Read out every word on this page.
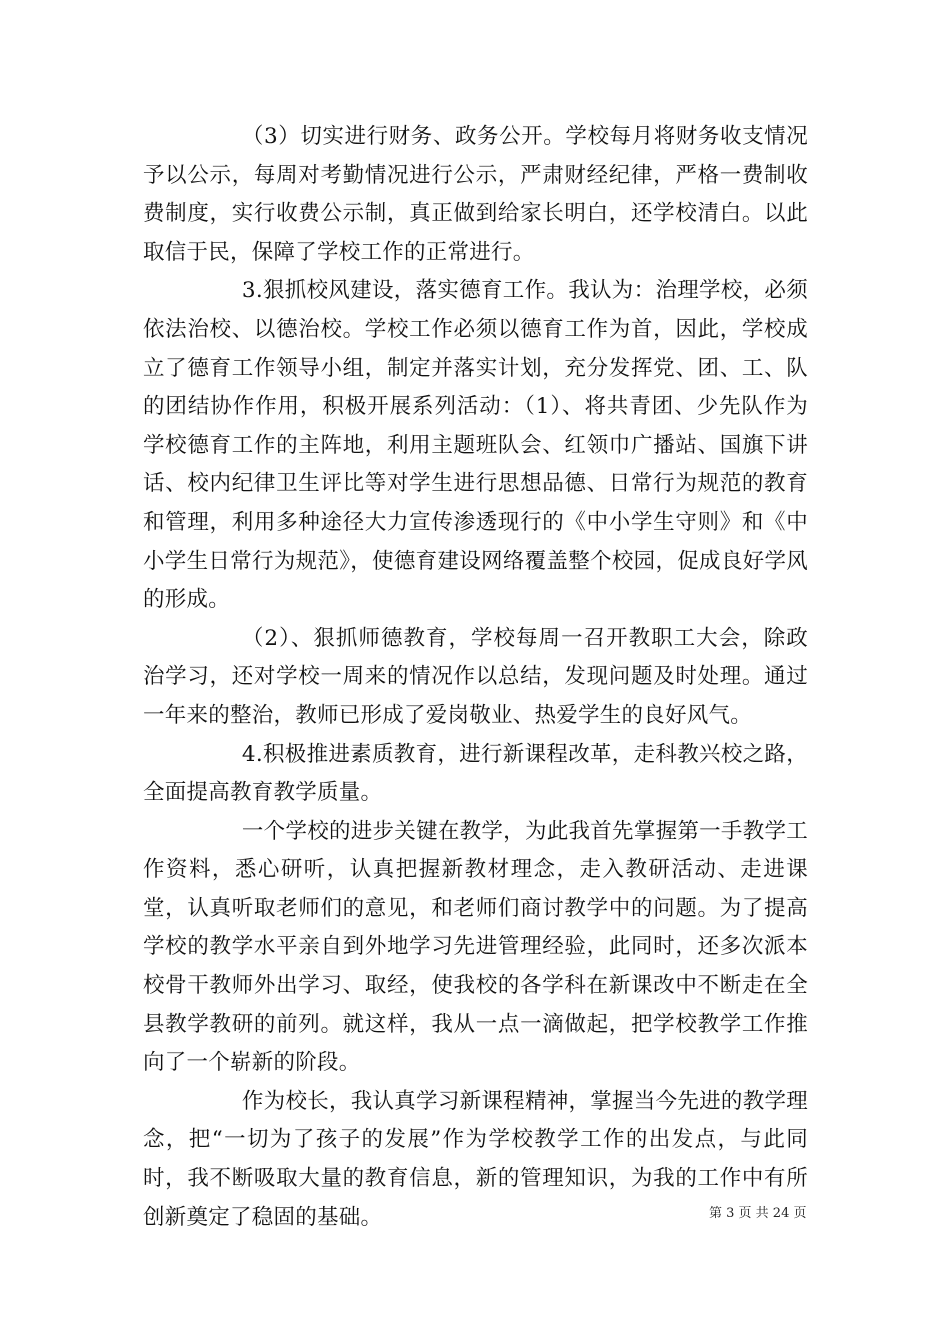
（3）切实进行财务、政务公开。学校每月将财务收支情况予以公示，每周对考勤情况进行公示，严肃财经纪律，严格一费制收费制度，实行收费公示制，真正做到给家长明白，还学校清白。以此取信于民，保障了学校工作的正常进行。

3.狠抓校风建设，落实德育工作。我认为：治理学校，必须依法治校、以德治校。学校工作必须以德育工作为首，因此，学校成立了德育工作领导小组，制定并落实计划，充分发挥党、团、工、队的团结协作作用，积极开展系列活动：（1）、将共青团、少先队作为学校德育工作的主阵地，利用主题班队会、红领巾广播站、国旗下讲话、校内纪律卫生评比等对学生进行思想品德、日常行为规范的教育和管理，利用多种途径大力宣传渗透现行的《中小学生守则》和《中小学生日常行为规范》，使德育建设网络覆盖整个校园，促成良好学风的形成。

（2）、狠抓师德教育，学校每周一召开教职工大会，除政治学习，还对学校一周来的情况作以总结，发现问题及时处理。通过一年来的整治，教师已形成了爱岗敬业、热爱学生的良好风气。

4.积极推进素质教育，进行新课程改革，走科教兴校之路，全面提高教育教学质量。

一个学校的进步关键在教学，为此我首先掌握第一手教学工作资料，悉心研听，认真把握新教材理念，走入教研活动、走进课堂，认真听取老师们的意见，和老师们商讨教学中的问题。为了提高学校的教学水平亲自到外地学习先进管理经验，此同时，还多次派本校骨干教师外出学习、取经，使我校的各学科在新课改中不断走在全县教学教研的前列。就这样，我从一点一滴做起，把学校教学工作推向了一个崭新的阶段。

作为校长，我认真学习新课程精神，掌握当今先进的教学理念，把“一切为了孩子的发展”作为学校教学工作的出发点，与此同时，我不断吸取大量的教育信息，新的管理知识，为我的工作中有所创新奠定了稳固的基础。	第 3 页 共 24 页
